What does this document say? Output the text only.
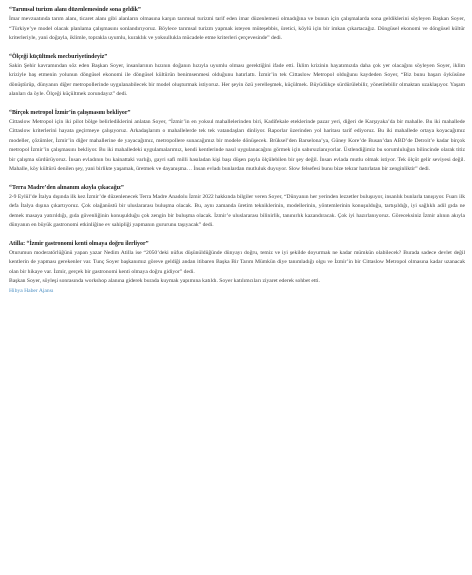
“Tarımsal turizm alanı düzenlemesinde sona geldik”

İmar mevzuatında tarım alanı, ticaret alanı gibi alanların olmasına karşın tarımsal turizmi tarif eden imar düzenlemesi olmadığına ve bunun için çalışmalarda sona geldiklerini söyleyen Başkan Soyer, “Türkiye’ye model olacak planlama çalışmasını sonlandırıyoruz. Böylece tarımsal turizm yapmak isteyen müteşebbis, üretici, köylü için bir imkan çıkartacağız. Döngüsel ekonomi ve döngüsel kültür kriterleriyle, yani doğayla, iklimle, toprakla uyumlu, kuraklık ve yoksullukla mücadele etme kriterleri çerçevesinde” dedi.

“Ölçeği küçültmek mecburiyetindeyiz”

Sakin Şehir kavramından söz eden Başkan Soyer, insanlarının hızının doğanın hızıyla uyumlu olması gerektiğini ifade etti. İklim krizinin hayatımızda daha çok yer olacağını söyleyen Soyer, iklim kriziyle baş etmenin yolunun döngüsel ekonomi ile döngüsel kültürün benimsenmesi olduğunu hatırlattı. İzmir’in tek Cittaslow Metropol olduğunu kaydeden Soyer, “Biz bunu başarı öyküsüne dönüştürüp, dünyanın diğer metropollerinde uygulanabilecek bir model oluşturmak istiyoruz. Her şeyin özü yerelleşmek, küçülmek. Büyüdükçe sürdürülebilir, yönetilebilir olmaktan uzaklaşıyor. Yaşam alanları da öyle. Ölçeği küçültmek zorundayız” dedi.

“Birçok metropol İzmir’in çalışmasını bekliyor”

Cittaslow Metropol için iki pilot bölge belirlediklerini anlatan Soyer, “İzmir’in en yoksul mahallelerinden biri, Kadifekale eteklerinde pazar yeri, diğeri de Karşıyaka’da bir mahalle. Bu iki mahallede Cittaslow kriterlerini hayata geçirmeye çalışıyoruz. Arkadaşlarım o mahallelerde tek tek vatandaşları dinliyor. Raporlar üzerinden yol haritası tarif ediyoruz. Bu iki mahallede ortaya koyacağımız modeller, çözümler, İzmir’in diğer mahallerine de yayacağımız, metropollere sunacağımız bir modele dönüşecek. Brüksel’den Barselona’ya, Güney Kore’de Busan’dan ABD’de Detroit’e kadar birçok metropol İzmir’in çalışmasını bekliyor. Bu iki mahalledeki uygulamalarımız, kendi kentlerinde nasıl uygulanacağını görmek için sabırsızlanıyorlar. Üstlendiğimiz bu sorumluluğun bilincinde olarak titiz bir çalışma sürdürüyoruz. İnsan evladının bu kainattaki varlığı, gayri safi milli hasıladan kişi başı düşen payla ölçülebilen bir şey değil. İnsan evlada mutlu olmak istiyor. Tek ölçüt gelir seviyesi değil. Mahalle, köy kültürü denilen şey, yani birlikte yaşamak, üretmek ve dayanışma… İnsan evladı bunlardan mutluluk duyuyor. Slow felsefesi bunu bize tekrar hatırlatan bir zenginliktir” dedi.

“Terra Madre’den alınanım akıyla çıkacağız”

2-9 Eylül’de İtalya dışında ilk kez İzmir’de düzenlenecek Terra Madre Anadolu İzmir 2022 hakkında bilgiler veren Soyer, “Dünyanın her yerinden lezzetler buluşuyor, insanlık bunlarla tanışıyor. Fuarı ilk defa İtalya dışına çıkartıyoruz. Çok olağanüstü bir uluslararası buluşma olacak. Bu, aynı zamanda üretim tekniklerinin, modellerinin, yöntemlerinin konuşulduğu, tartışıldığı, iyi sağlıklı adil gıda ne demek masaya yatırıldığı, gıda güvenliğinin konuşulduğu çok zengin bir buluşma olacak. İzmir’e uluslararası bilinirlik, tanınırlık kazandıracak. Çok iyi hazırlanıyoruz. Göreceksiniz İzmir alının akıyla dünyanın en büyük gastronomi etkinliğine ev sahipliği yapmanın gururunu taşıyacak” dedi.

Atilla: “İzmir gastronomi kenti olmaya doğru ilerliyor”

Oturumun moderatörlüğünü yapan yazar Nedim Atilla ise “2050’deki nüfus düşünüldüğünde dünyayı doğru, temiz ve iyi şekilde doyurmak ne kadar mümkün olabilecek? Burada sadece devlet değil kentlerin de yapması gerekenler var. Tunç Soyer başkanımız göreve geldiği andan itibaren Başka Bir Tarım Mümkün diye tanımladığı olgu ve İzmir’in bir Cittaslow Metropol olmasına kadar uzanacak olan bir hikaye var. İzmir, gerçek bir gastronomi kenti olmaya doğru gidiyor” dedi.

Başkan Soyer, söyleşi sonrasında workshop alanına giderek burada kuymak yapımına katıldı. Soyer katılımcıları ziyaret ederek sohbet etti.

Hibya Haber Ajansı
